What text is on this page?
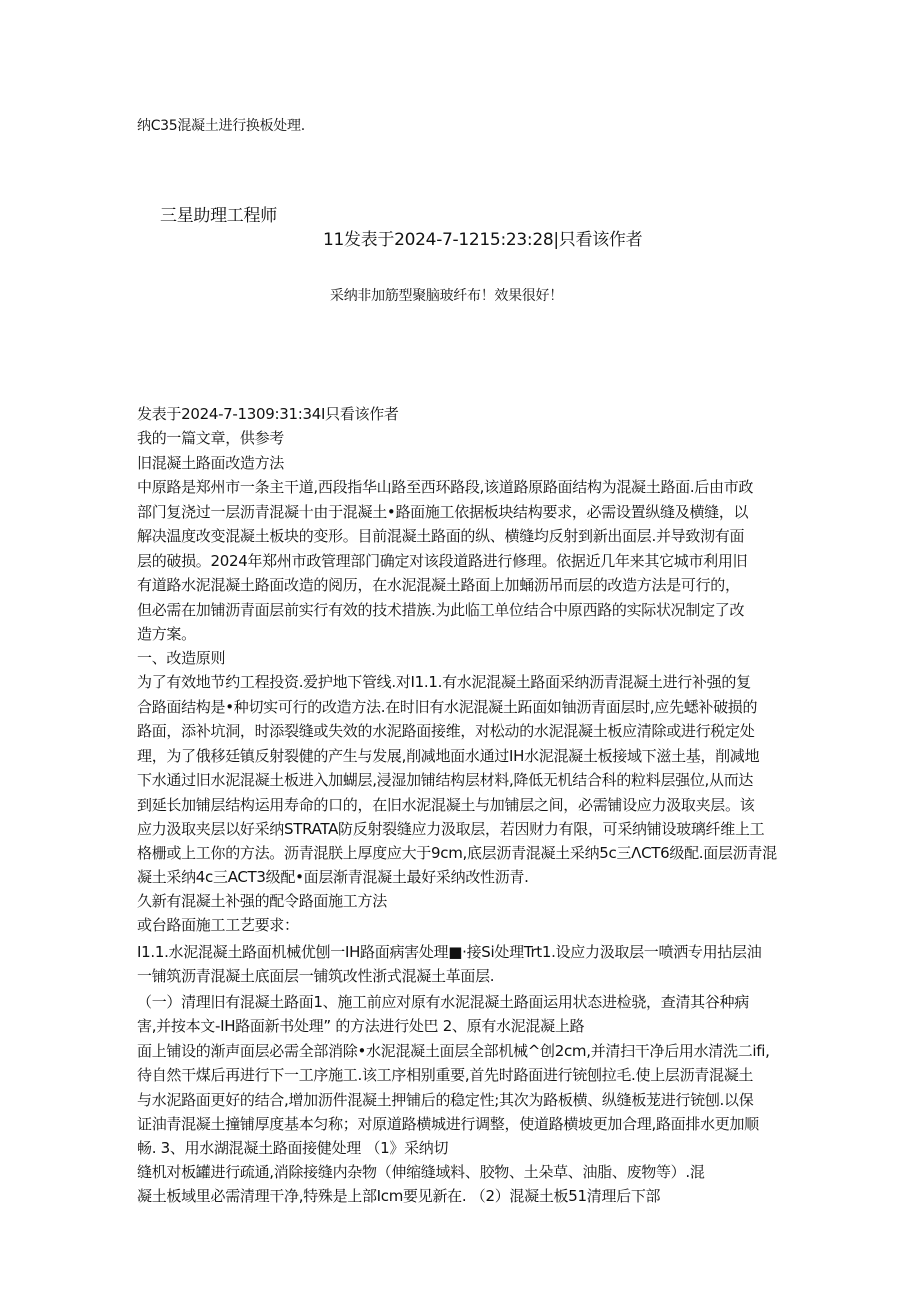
纳C35混凝土进行换板处理.
三星助理工程师
11发表于2024-7-1215:23:28|只看该作者
采纳非加筋型聚脑玻纤布！效果很好！
发表于2024-7-1309:31:34I只看该作者
我的一篇文章，供参考
旧混凝土路面改造方法
中原路是郑州市一条主干道,西段指华山路至西环路段,该道路原路面结构为混凝土路面.后由市政
部门复浇过一层沥青混凝十由于混凝土•路面施工依据板块结构要求，必需设置纵缝及横缝，以
解决温度改变混凝土板块的变形。目前混凝土路面的纵、横缝均反射到新出面层.并导致沏有面
层的破损。2024年郑州市政管理部门确定对该段道路进行修理。依据近几年来其它城市利用旧
有道路水泥混凝土路面改造的阅历，在水泥混凝土路面上加蛹沥吊而层的改造方法是可行的，
但必需在加铺沥青面层前实行有效的技术措族.为此临工单位结合中原西路的实际状况制定了改
造方案。
一、改造原则
为了有效地节约工程投资.爱护地下管线.对I1.1.有水泥混凝土路面采纳沥青混凝土进行补强的复
合路面结构是•种切实可行的改造方法.在时旧有水泥混凝土跖面如铀沥青面层时,应先蟋补破损的
路面，添补坑洞，时添裂缝或失效的水泥路面接维，对松动的水泥混凝土板应清除或进行税定处
理，为了俄移廷镇反射裂健的产生与发展,削减地面水通过IH水泥混凝土板接域下滋土基，削减地
下水通过旧水泥混凝土板进入加蝴层,浸湿加铺结构层材料,降低无机结合科的粒料层强位,从而达
到延长加铺层结构运用寿命的口的，在旧水泥混凝土与加铺层之间，必需铺设应力汲取夹层。该
应力汲取夹层以好采纳STRATA防反射裂缝应力汲取层，若因财力有限，可采纳铺设玻璃纤维上工
格栅或上工你的方法。沥青混朕上厚度应大于9cm,底层沥青混凝土采纳5c三ΛCT6级配.面层沥青混
凝土采纳4c三ACT3级配•面层渐青混凝土最好采纳改性沥青.
久新有混凝土补强的配令路面施工方法
或台路面施工工艺要求：
I1.1.水泥混凝土路面机械优刨一IH路面病害处理■·接Si处理Trt1.设应力汲取层一喷洒专用拈层油
一铺筑沥青混凝土底面层一铺筑改性浙式混凝土革面层.
（一）清理旧有混凝土路面1、施工前应对原有水泥混凝土路面运用状态进检骁，查清其谷种病
害,并按本文-IH路面新书处理” 的方法进行处巴 2、原有水泥混凝上路
面上铺设的渐声面层必需全部消除•水泥混凝土面层全部机械^创2cm,并清扫干净后用水清洗二ifi,
待自然干煤后再进行下一工序施工.该工序相别重要,首先时路面进行铳刨拉毛.使上层沥青混凝土
与水泥路面更好的结合,增加沥件混凝土押铺后的稳定性;其次为路板横、纵缝板茏进行铳刨.以保
证油青混凝土撞铺厚度基本匀称；对原道路横城进行调整，使道路横坡更加合理,路面排水更加顺
畅. 3、用水湖混凝土路面接健处理 （1》采纳切
缝机对板罐进行疏通,消除接缝内杂物（伸缩缝域料、胶物、土朵草、油脂、废物等）.混
凝土板域里必需清理干净,特殊是上部Icm要见新在. （2）混凝土板51清理后下部
